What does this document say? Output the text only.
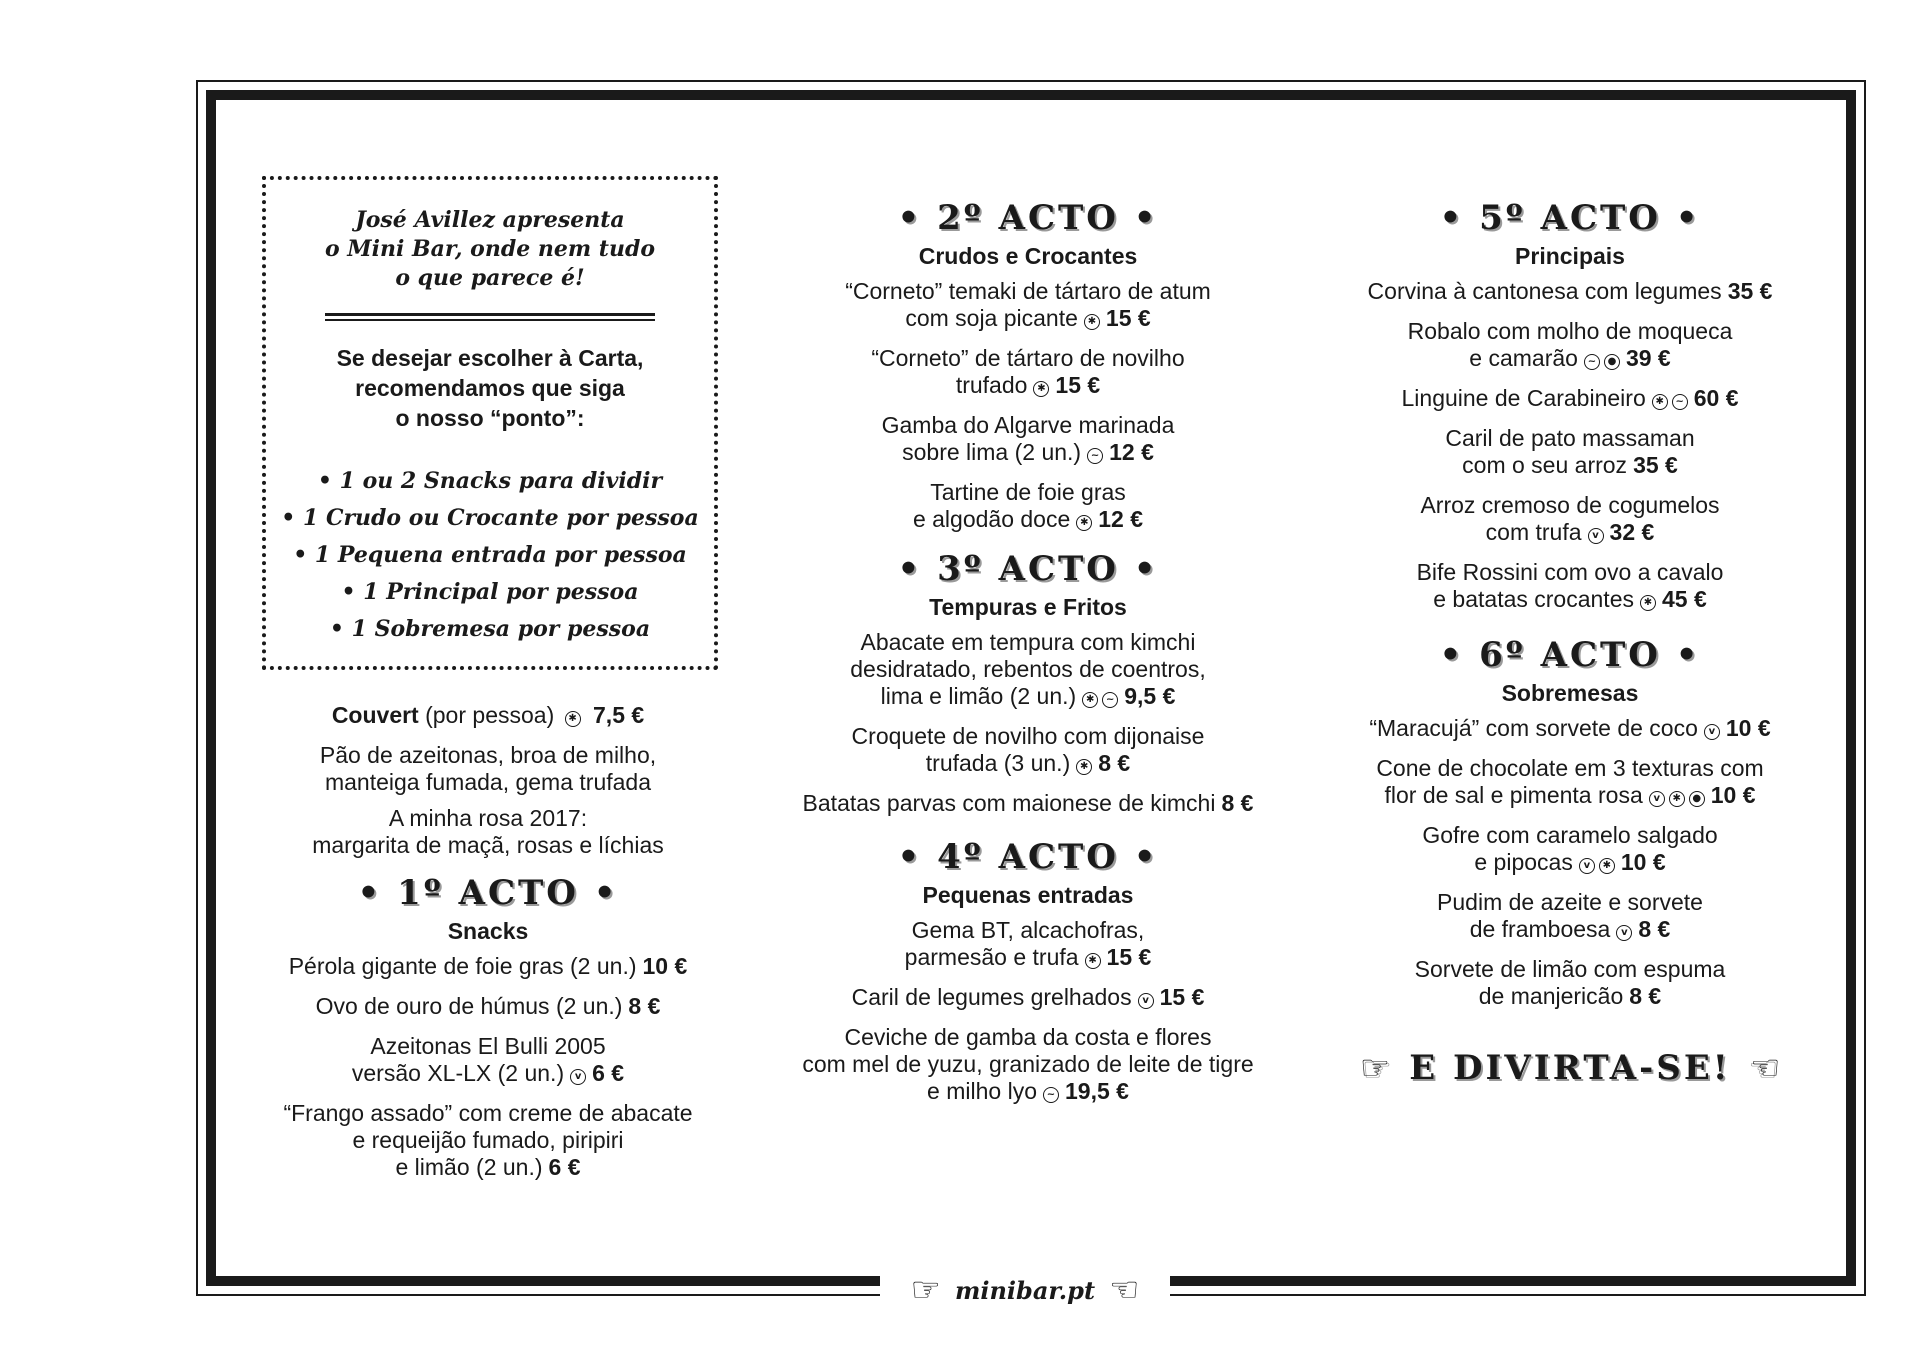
José Avillez apresenta
o Mini Bar, onde nem tudo
o que parece é!
Se desejar escolher à Carta,
recomendamos que siga
o nosso “ponto”:
• 1 ou 2 Snacks para dividir
• 1 Crudo ou Crocante por pessoa
• 1 Pequena entrada por pessoa
• 1 Principal por pessoa
• 1 Sobremesa por pessoa
Couvert (por pessoa) ✱ 7,5 €
Pão de azeitonas, broa de milho,
manteiga fumada, gema trufada
A minha rosa 2017:
margarita de maçã, rosas e líchias
• 1º ACTO •
Snacks
Pérola gigante de foie gras (2 un.) 10 €
Ovo de ouro de húmus (2 un.) 8 €
Azeitonas El Bulli 2005
versão XL-LX (2 un.) v 6 €
“Frango assado” com creme de abacate
e requeijão fumado, piripiri
e limão (2 un.) 6 €
• 2º ACTO •
Crudos e Crocantes
“Corneto” temaki de tártaro de atum
com soja picante ✱ 15 €
“Corneto” de tártaro de novilho
trufado ✱ 15 €
Gamba do Algarve marinada
sobre lima (2 un.) ~ 12 €
Tartine de foie gras
e algodão doce ✱ 12 €
• 3º ACTO •
Tempuras e Fritos
Abacate em tempura com kimchi
desidratado, rebentos de coentros,
lima e limão (2 un.) ✱ ~ 9,5 €
Croquete de novilho com dijonaise
trufada (3 un.) ✱ 8 €
Batatas parvas com maionese de kimchi 8 €
• 4º ACTO •
Pequenas entradas
Gema BT, alcachofras,
parmesão e trufa ✱ 15 €
Caril de legumes grelhados v 15 €
Ceviche de gamba da costa e flores
com mel de yuzu, granizado de leite de tigre
e milho lyo ~ 19,5 €
• 5º ACTO •
Principais
Corvina à cantonesa com legumes 35 €
Robalo com molho de moqueca
e camarão ~ ● 39 €
Linguine de Carabineiro ✱ ~ 60 €
Caril de pato massaman
com o seu arroz 35 €
Arroz cremoso de cogumelos
com trufa v 32 €
Bife Rossini com ovo a cavalo
e batatas crocantes ✱ 45 €
• 6º ACTO •
Sobremesas
“Maracujá” com sorvete de coco v 10 €
Cone de chocolate em 3 texturas com
flor de sal e pimenta rosa v ✱ ● 10 €
Gofre com caramelo salgado
e pipocas v ✱ 10 €
Pudim de azeite e sorvete
de framboesa v 8 €
Sorvete de limão com espuma
de manjericão 8 €
☞ E DIVIRTA-SE! ☞
☞ minibar.pt ☞
